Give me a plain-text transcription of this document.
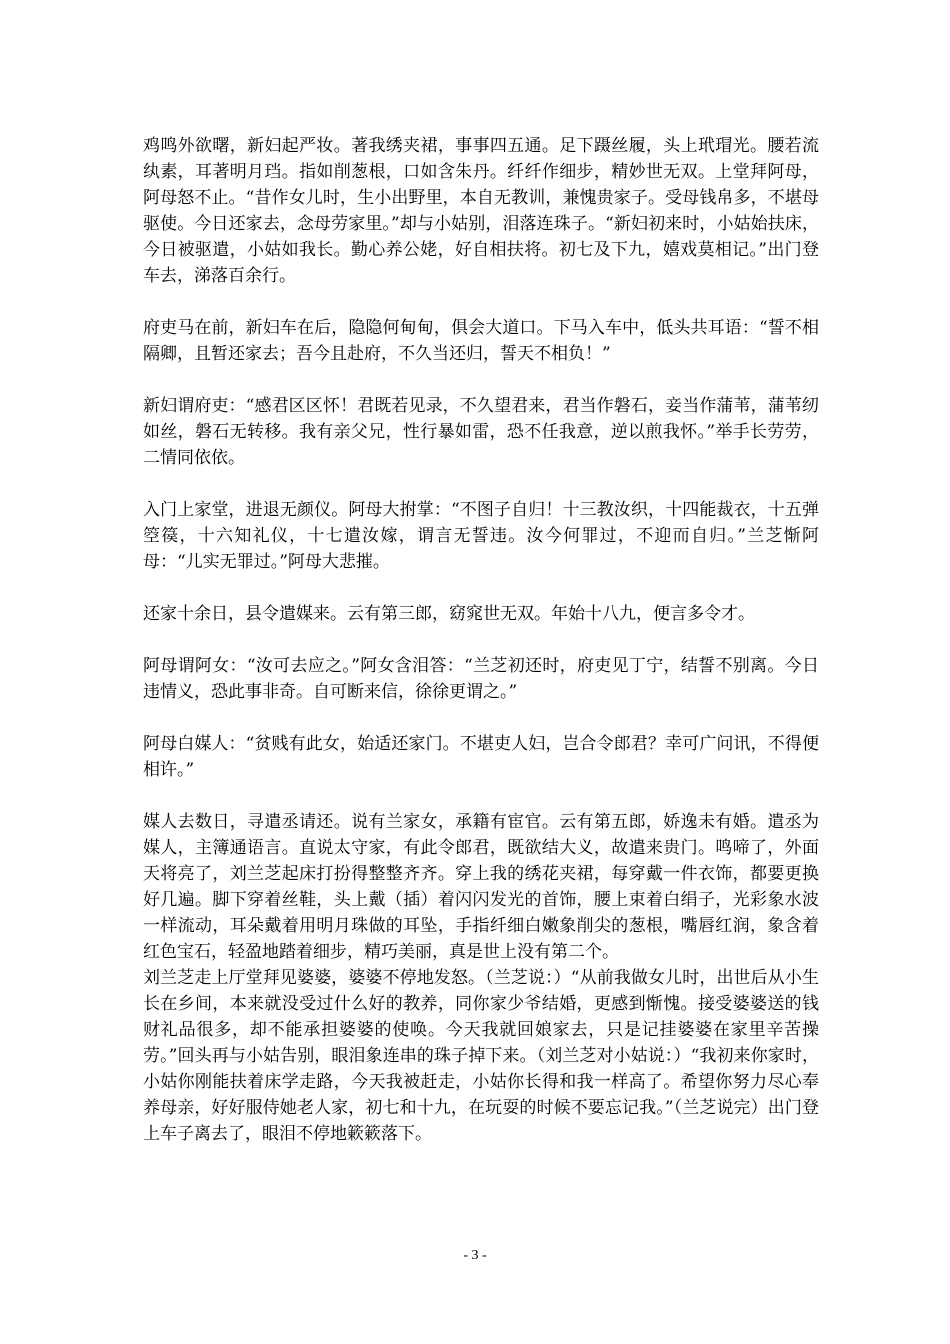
鸡鸣外欲曙，新妇起严妆。著我绣夹裙，事事四五通。足下蹑丝履，头上玳瑁光。腰若流纨素，耳著明月珰。指如削葱根，口如含朱丹。纤纤作细步，精妙世无双。上堂拜阿母，阿母怒不止。“昔作女儿时，生小出野里，本自无教训，兼愧贵家子。受母钱帛多，不堪母驱使。今日还家去，念母劳家里。”却与小姑别，泪落连珠子。“新妇初来时，小姑始扶床，今日被驱遣，小姑如我长。勤心养公姥，好自相扶将。初七及下九，嬉戏莫相记。”出门登车去，涕落百余行。

府吏马在前，新妇车在后，隐隐何甸甸，俱会大道口。下马入车中，低头共耳语：“誓不相隔卿，且暂还家去；吾今且赴府，不久当还归，誓天不相负！”

新妇谓府吏：“感君区区怀！君既若见录，不久望君来，君当作磐石，妾当作蒲苇，蒲苇纫如丝，磐石无转移。我有亲父兄，性行暴如雷，恐不任我意，逆以煎我怀。”举手长劳劳，二情同依依。

入门上家堂，进退无颜仪。阿母大拊掌：“不图子自归！十三教汝织，十四能裁衣，十五弹箜篌，十六知礼仪，十七遣汝嫁，谓言无誓违。汝今何罪过，不迎而自归。”兰芝惭阿母：“儿实无罪过。”阿母大悲摧。

还家十余日，县令遣媒来。云有第三郎，窈窕世无双。年始十八九，便言多令才。

阿母谓阿女：“汝可去应之。”阿女含泪答：“兰芝初还时，府吏见丁宁，结誓不别离。今日违情义，恐此事非奇。自可断来信，徐徐更谓之。”

阿母白媒人：“贫贱有此女，始适还家门。不堪吏人妇，岂合令郎君？幸可广问讯，不得便相许。”

媒人去数日，寻遣丞请还。说有兰家女，承籍有宦官。云有第五郎，娇逸未有婚。遣丞为媒人，主簿通语言。直说太守家，有此令郎君，既欲结大义，故遣来贵门。鸣啼了，外面天将亮了，刘兰芝起床打扮得整整齐齐。穿上我的绣花夹裙，每穿戴一件衣饰，都要更换好几遍。脚下穿着丝鞋，头上戴（插）着闪闪发光的首饰，腰上束着白绢子，光彩象水波一样流动，耳朵戴着用明月珠做的耳坠，手指纤细白嫩象削尖的葱根，嘴唇红润，象含着红色宝石，轻盈地踏着细步，精巧美丽，真是世上没有第二个。

刘兰芝走上厅堂拜见婆婆，婆婆不停地发怒。（兰芝说：）“从前我做女儿时，出世后从小生长在乡间，本来就没受过什么好的教养，同你家少爷结婚，更感到惭愧。接受婆婆送的钱财礼品很多，却不能承担婆婆的使唤。今天我就回娘家去，只是记挂婆婆在家里辛苦操劳。”回头再与小姑告别，眼泪象连串的珠子掉下来。（刘兰芝对小姑说：）“我初来你家时，小姑你刚能扶着床学走路，今天我被赶走，小姑你长得和我一样高了。希望你努力尽心奉养母亲，好好服侍她老人家，初七和十九，在玩耍的时候不要忘记我。”（兰芝说完）出门登上车子离去了，眼泪不停地簌簌落下。

- 3 -
